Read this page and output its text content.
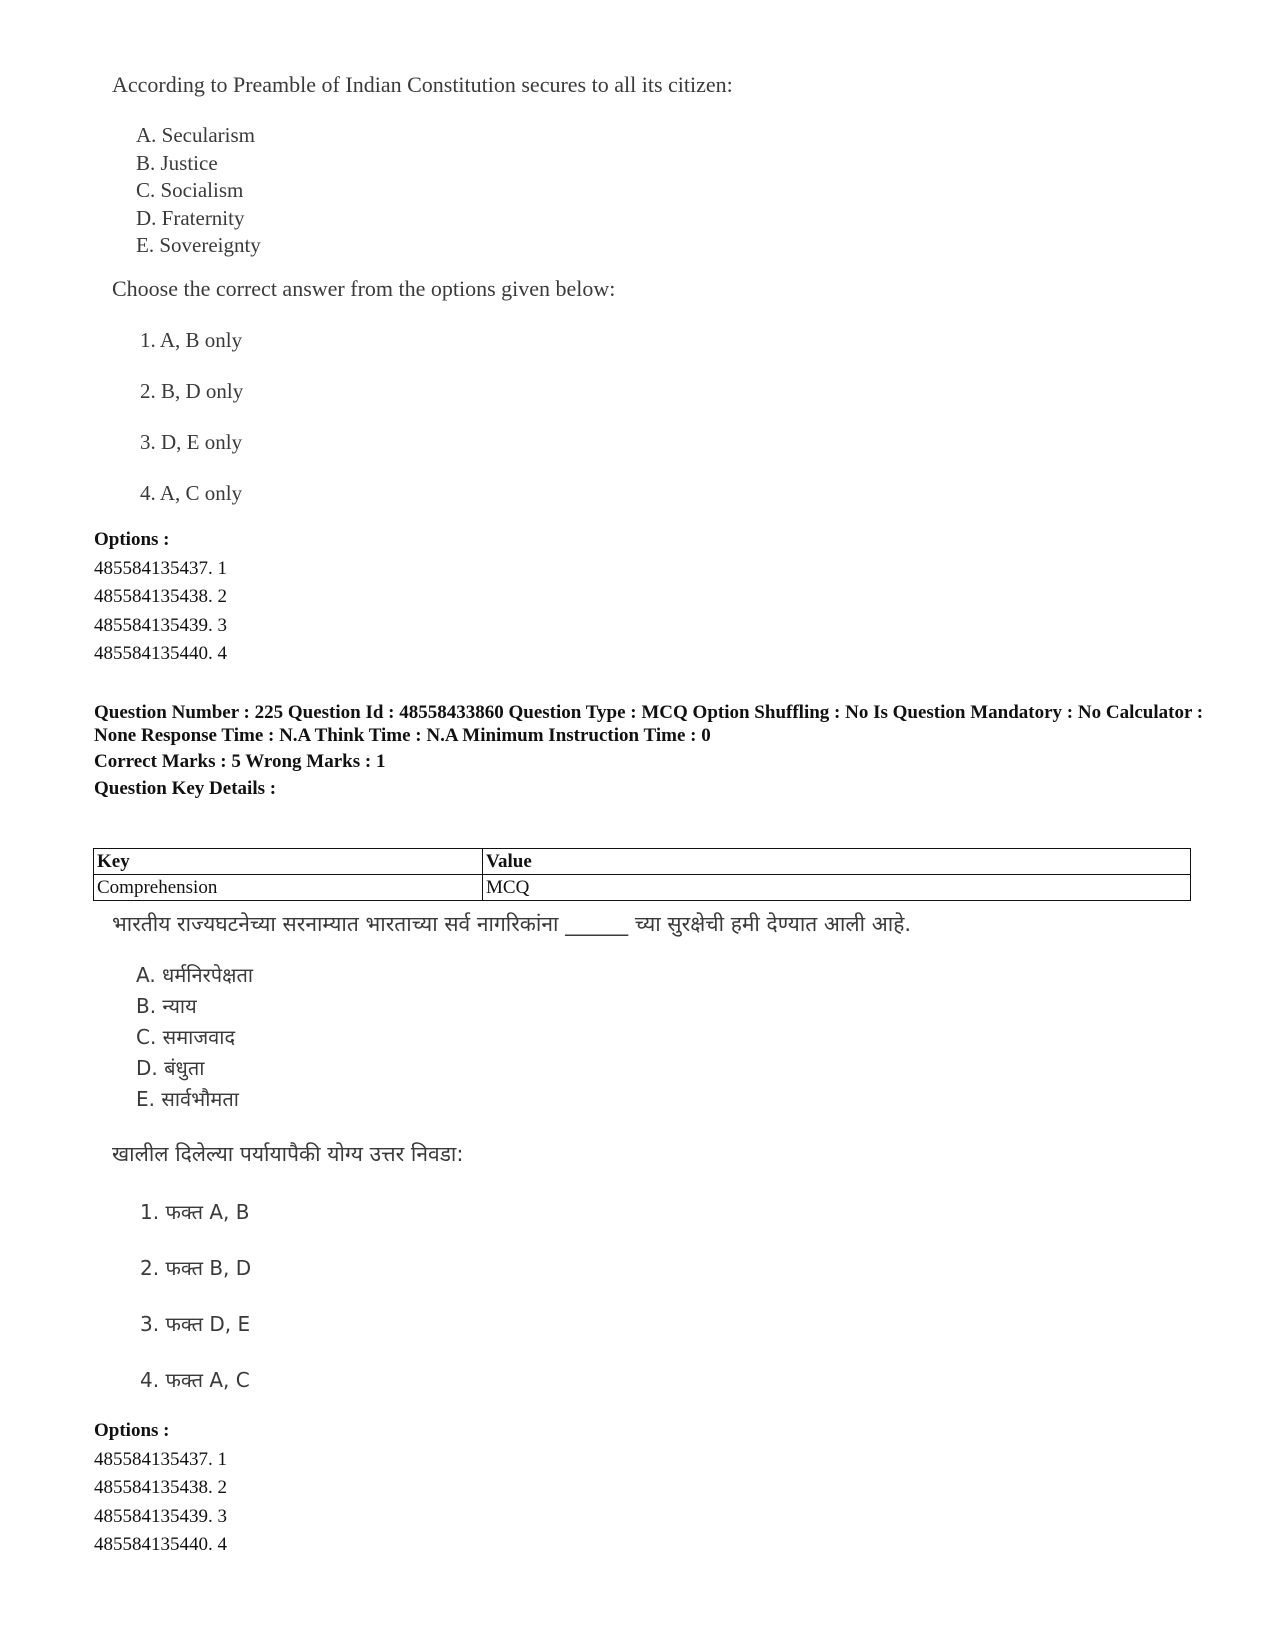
According to Preamble of Indian Constitution secures to all its citizen:
A. Secularism
B. Justice
C. Socialism
D. Fraternity
E. Sovereignty
Choose the correct answer from the options given below:
1. A, B only
2. B, D only
3. D, E only
4. A, C only
Options :
485584135437. 1
485584135438. 2
485584135439. 3
485584135440. 4
Question Number : 225 Question Id : 48558433860 Question Type : MCQ Option Shuffling : No Is Question Mandatory : No Calculator : None Response Time : N.A Think Time : N.A Minimum Instruction Time : 0
Correct Marks : 5 Wrong Marks : 1
Question Key Details :
Key	Value
Comprehension	MCQ
भारतीय राज्यघटनेच्या सरनाम्यात भारताच्या सर्व नागरिकांना ______ च्या सुरक्षेची हमी देण्यात आली आहे.
A. धर्मनिरपेक्षता
B. न्याय
C. समाजवाद
D. बंधुता
E. सार्वभौमता
खालील दिलेल्या पर्यायापैकी योग्य उत्तर निवडा:
1. फक्त A, B
2. फक्त B, D
3. फक्त D, E
4. फक्त A, C
Options :
485584135437. 1
485584135438. 2
485584135439. 3
485584135440. 4
